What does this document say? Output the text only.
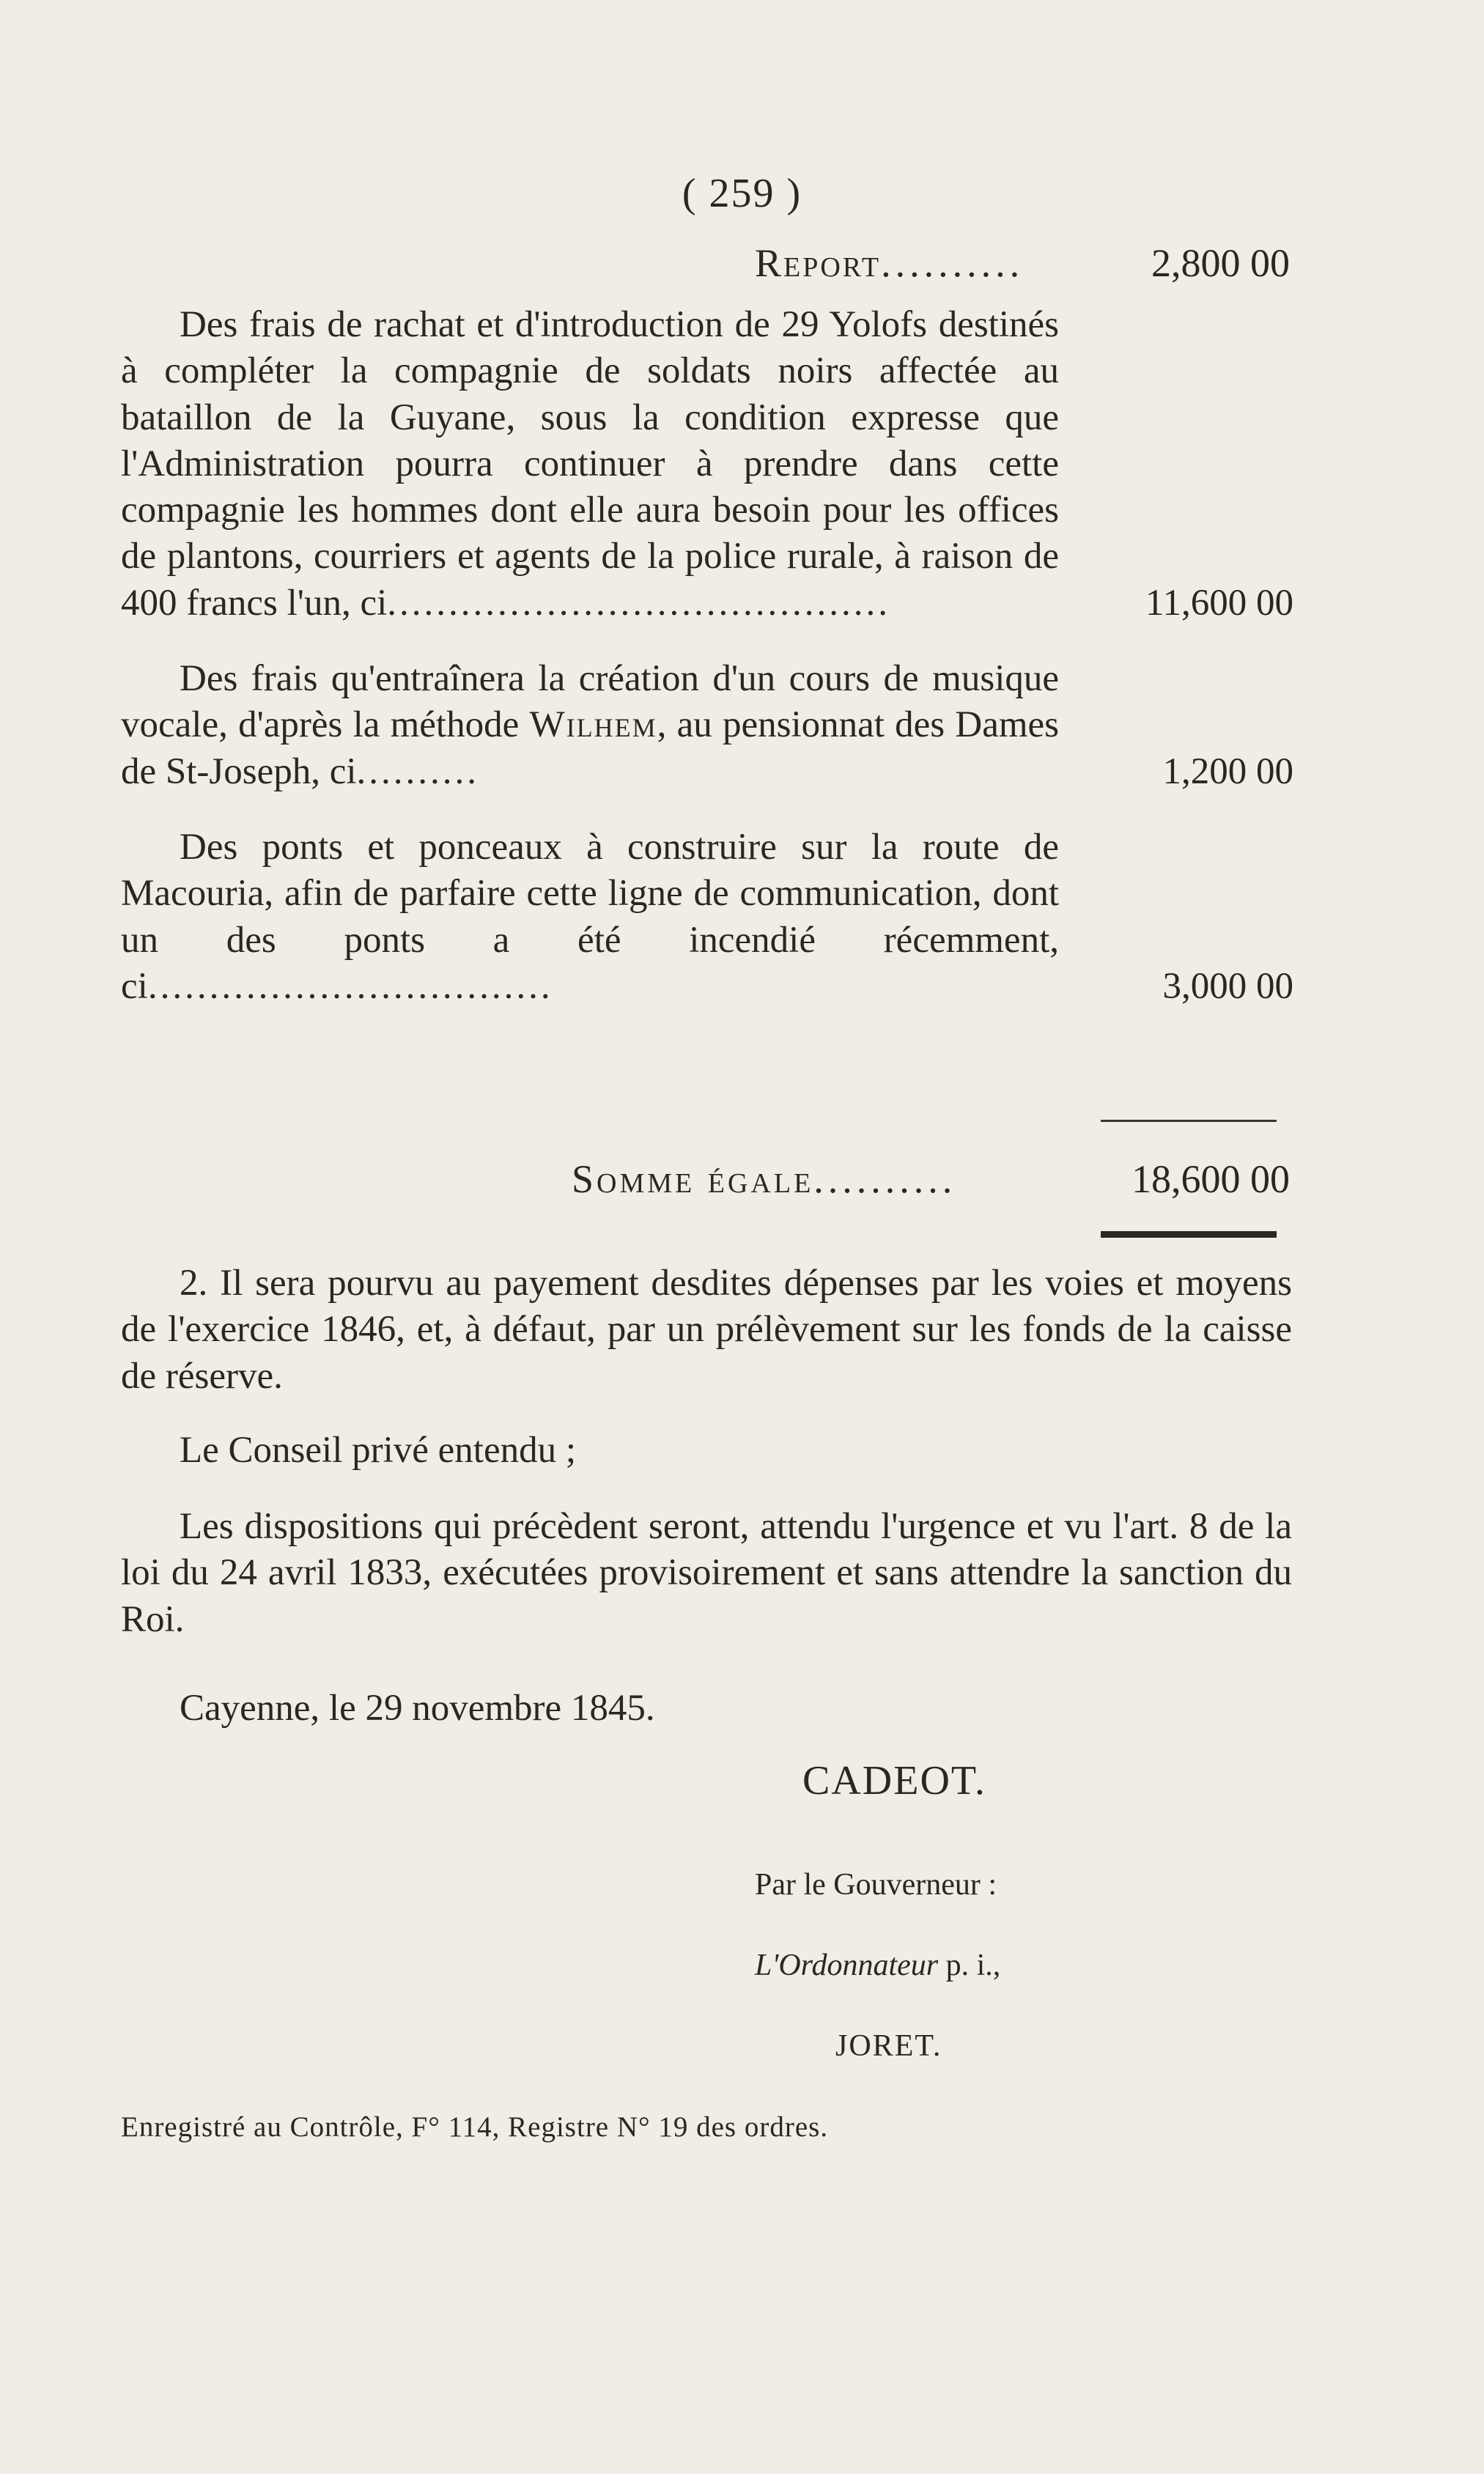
( 259 )
Report ..........	2,800 00
Des frais de rachat et d'introduction de 29 Yolofs destinés à compléter la compagnie de soldats noirs affectée au bataillon de la Guyane, sous la condition expresse que l'Administration pourra continuer à prendre dans cette compagnie les hommes dont elle aura besoin pour les offices de plantons, courriers et agents de la police rurale, à raison de 400 francs l'un, ci.........................................	11,600 00
Des frais qu'entraînera la création d'un cours de musique vocale, d'après la méthode Wilhem, au pensionnat des Dames de St-Joseph, ci..........	1,200 00
Des ponts et ponceaux à construire sur la route de Macouria, afin de parfaire cette ligne de communication, dont un des ponts a été incendié récemment, ci.................................	3,000 00
Somme égale ..........	18,600 00
2. Il sera pourvu au payement desdites dépenses par les voies et moyens de l'exercice 1846, et, à défaut, par un prélèvement sur les fonds de la caisse de réserve.
Le Conseil privé entendu ;
Les dispositions qui précèdent seront, attendu l'urgence et vu l'art. 8 de la loi du 24 avril 1833, exécutées provisoirement et sans attendre la sanction du Roi.
Cayenne, le 29 novembre 1845.
CADEOT.
Par le Gouverneur :
L'Ordonnateur p. i.,
JORET.
Enregistré au Contrôle, F° 114, Registre N° 19 des ordres.
